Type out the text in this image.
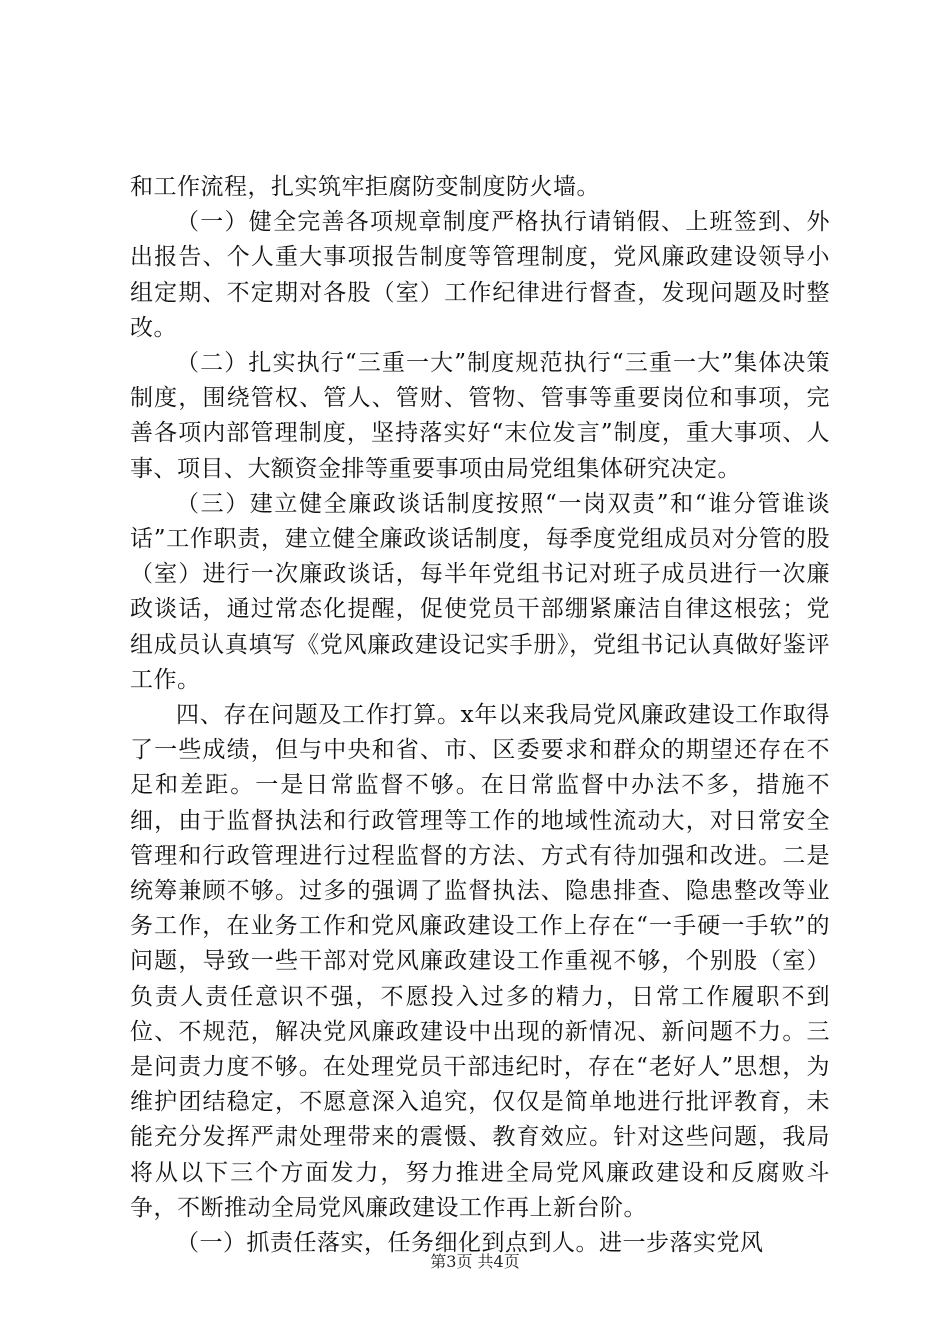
和工作流程，扎实筑牢拒腐防变制度防火墙。

（一）健全完善各项规章制度严格执行请销假、上班签到、外出报告、个人重大事项报告制度等管理制度，党风廉政建设领导小组定期、不定期对各股（室）工作纪律进行督查，发现问题及时整改。

（二）扎实执行“三重一大”制度规范执行“三重一大”集体决策制度，围绕管权、管人、管财、管物、管事等重要岗位和事项，完善各项内部管理制度，坚持落实好“末位发言”制度，重大事项、人事、项目、大额资金排等重要事项由局党组集体研究决定。

（三）建立健全廉政谈话制度按照“一岗双责”和“谁分管谁谈话”工作职责，建立健全廉政谈话制度，每季度党组成员对分管的股（室）进行一次廉政谈话，每半年党组书记对班子成员进行一次廉政谈话，通过常态化提醒，促使党员干部绷紧廉洁自律这根弦；党组成员认真填写《党风廉政建设记实手册》，党组书记认真做好鉴评工作。

四、存在问题及工作打算。x年以来我局党风廉政建设工作取得了一些成绩，但与中央和省、市、区委要求和群众的期望还存在不足和差距。一是日常监督不够。在日常监督中办法不多，措施不细，由于监督执法和行政管理等工作的地域性流动大，对日常安全管理和行政管理进行过程监督的方法、方式有待加强和改进。二是统筹兼顾不够。过多的强调了监督执法、隐患排查、隐患整改等业务工作，在业务工作和党风廉政建设工作上存在“一手硬一手软”的问题，导致一些干部对党风廉政建设工作重视不够，个别股（室）负责人责任意识不强，不愿投入过多的精力，日常工作履职不到位、不规范，解决党风廉政建设中出现的新情况、新问题不力。三是问责力度不够。在处理党员干部违纪时，存在“老好人”思想，为维护团结稳定，不愿意深入追究，仅仅是简单地进行批评教育，未能充分发挥严肃处理带来的震慑、教育效应。针对这些问题，我局将从以下三个方面发力，努力推进全局党风廉政建设和反腐败斗争，不断推动全局党风廉政建设工作再上新台阶。

（一）抓责任落实，任务细化到点到人。进一步落实党风

第3页 共4页
